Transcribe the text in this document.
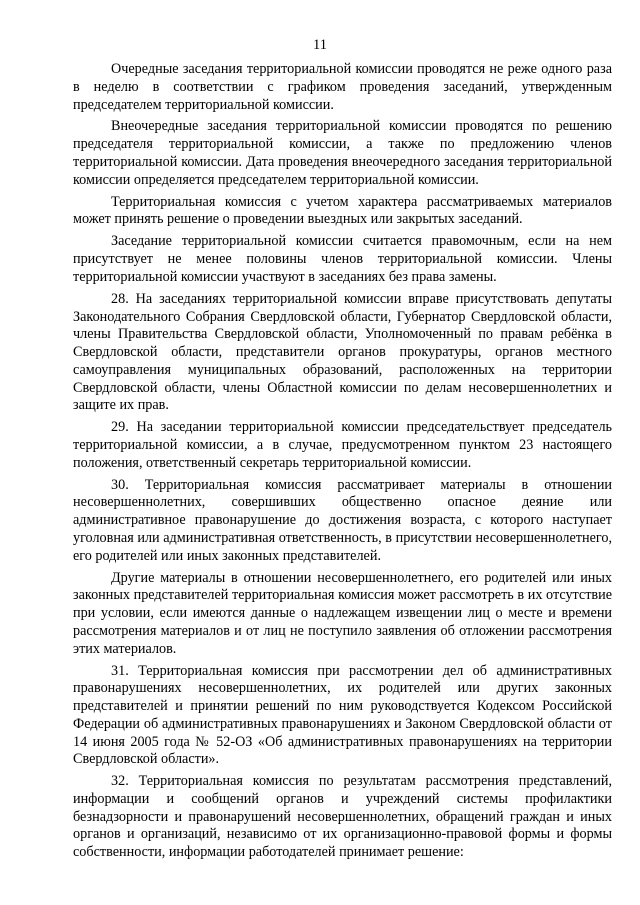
11

Очередные заседания территориальной комиссии проводятся не реже одного раза в неделю в соответствии с графиком проведения заседаний, утвержденным председателем территориальной комиссии.

Внеочередные заседания территориальной комиссии проводятся по решению председателя территориальной комиссии, а также по предложению членов территориальной комиссии. Дата проведения внеочередного заседания территориальной комиссии определяется председателем территориальной комиссии.

Территориальная комиссия с учетом характера рассматриваемых материалов может принять решение о проведении выездных или закрытых заседаний.

Заседание территориальной комиссии считается правомочным, если на нем присутствует не менее половины членов территориальной комиссии. Члены территориальной комиссии участвуют в заседаниях без права замены.

28. На заседаниях территориальной комиссии вправе присутствовать депутаты Законодательного Собрания Свердловской области, Губернатор Свердловской области, члены Правительства Свердловской области, Уполномоченный по правам ребёнка в Свердловской области, представители органов прокуратуры, органов местного самоуправления муниципальных образований, расположенных на территории Свердловской области, члены Областной комиссии по делам несовершеннолетних и защите их прав.

29. На заседании территориальной комиссии председательствует председатель территориальной комиссии, а в случае, предусмотренном пунктом 23 настоящего положения, ответственный секретарь территориальной комиссии.

30. Территориальная комиссия рассматривает материалы в отношении несовершеннолетних, совершивших общественно опасное деяние или административное правонарушение до достижения возраста, с которого наступает уголовная или административная ответственность, в присутствии несовершеннолетнего, его родителей или иных законных представителей.

Другие материалы в отношении несовершеннолетнего, его родителей или иных законных представителей территориальная комиссия может рассмотреть в их отсутствие при условии, если имеются данные о надлежащем извещении лиц о месте и времени рассмотрения материалов и от лиц не поступило заявления об отложении рассмотрения этих материалов.

31. Территориальная комиссия при рассмотрении дел об административных правонарушениях несовершеннолетних, их родителей или других законных представителей и принятии решений по ним руководствуется Кодексом Российской Федерации об административных правонарушениях и Законом Свердловской области от 14 июня 2005 года № 52-ОЗ «Об административных правонарушениях на территории Свердловской области».

32. Территориальная комиссия по результатам рассмотрения представлений, информации и сообщений органов и учреждений системы профилактики безнадзорности и правонарушений несовершеннолетних, обращений граждан и иных органов и организаций, независимо от их организационно-правовой формы и формы собственности, информации работодателей принимает решение:
